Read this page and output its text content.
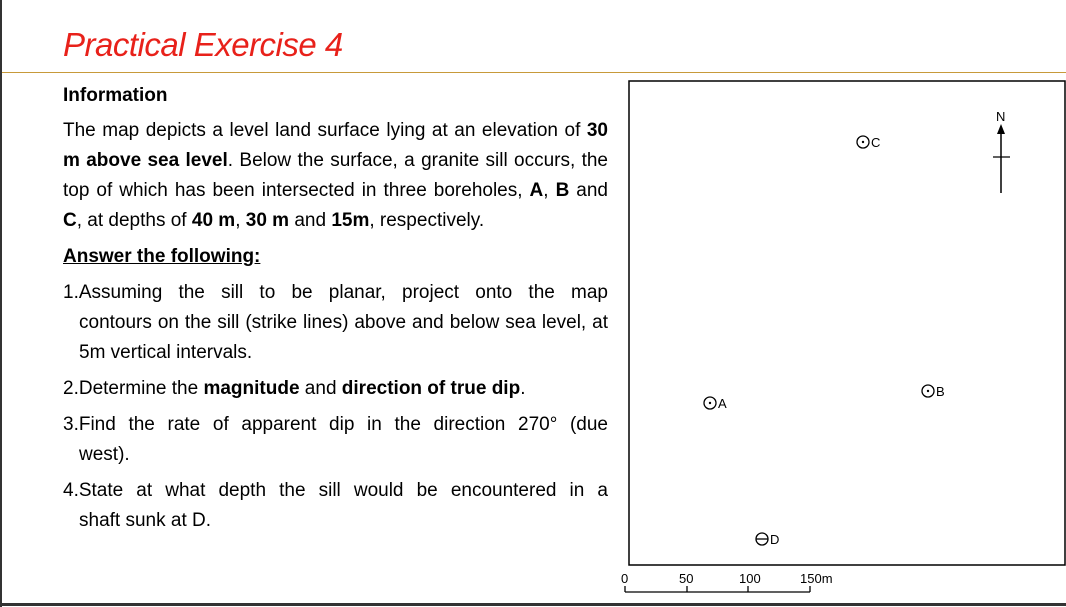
Practical Exercise 4
Information

The map depicts a level land surface lying at an elevation of 30 m above sea level. Below the surface, a granite sill occurs, the top of which has been intersected in three boreholes, A, B and C, at depths of 40 m, 30 m and 15m, respectively.

Answer the following:
1.Assuming the sill to be planar, project onto the map
contours on the sill (strike lines) above and below sea level, at 5m vertical intervals.
2.Determine the magnitude and direction of true dip.
3.Find the rate of apparent dip in the direction 270° (due
west).
4.State at what depth the sill would be encountered in a
shaft sunk at D.
N
A
B
C
D
0	50	100	150m
